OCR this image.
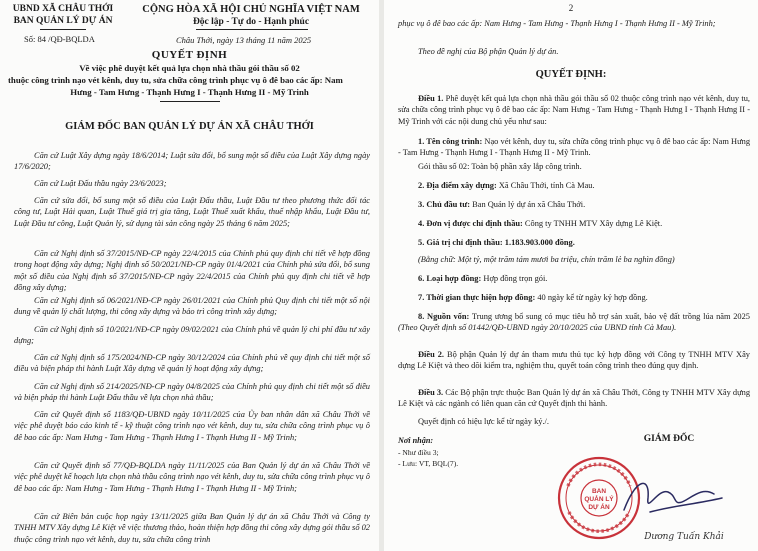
UBND XÃ CHÂU THỚI

BAN QUẢN LÝ DỰ ÁN

Số: 84 /QĐ-BQLDA

CỘNG HÒA XÃ HỘI CHỦ NGHĨA VIỆT NAM

Độc lập - Tự do - Hạnh phúc

Châu Thới, ngày 13 tháng 11 năm 2025

QUYẾT ĐỊNH

Về việc phê duyệt kết quả lựa chọn nhà thầu gói thầu số 02

thuộc công trình nạo vét kênh, duy tu, sửa chữa công trình phục vụ ô đê bao các ấp: Nam

Hưng - Tam Hưng - Thạnh Hưng I - Thạnh Hưng II - Mỹ Trinh

GIÁM ĐỐC BAN QUẢN LÝ DỰ ÁN XÃ CHÂU THỚI

Căn cứ Luật Xây dựng ngày 18/6/2014; Luật sửa đổi, bổ sung một số điều của Luật Xây dựng ngày 17/6/2020;

Căn cứ Luật Đấu thầu ngày 23/6/2023;

Căn cứ sửa đổi, bổ sung một số điều của Luật Đấu thầu, Luật Đầu tư theo phương thức đối tác công tư, Luật Hải quan, Luật Thuế giá trị gia tăng, Luật Thuế xuất khẩu, thuế nhập khẩu, Luật Đầu tư, Luật Đầu tư công, Luật Quản lý, sử dụng tài sản công ngày 25 tháng 6 năm 2025;

Căn cứ Nghị định số 37/2015/NĐ-CP ngày 22/4/2015 của Chính phủ quy định chi tiết về hợp đồng trong hoạt động xây dựng; Nghị định số 50/2021/NĐ-CP ngày 01/4/2021 của Chính phủ sửa đổi, bổ sung một số điều của Nghị định số 37/2015/NĐ-CP ngày 22/4/2015 của Chính phủ quy định chi tiết về hợp đồng xây dựng;

Căn cứ Nghị định số 06/2021/NĐ-CP ngày 26/01/2021 của Chính phủ Quy định chi tiết một số nội dung về quản lý chất lượng, thi công xây dựng và bảo trì công trình xây dựng;

Căn cứ Nghị định số 10/2021/NĐ-CP ngày 09/02/2021 của Chính phủ về quản lý chi phí đầu tư xây dựng;

Căn cứ Nghị định số 175/2024/NĐ-CP ngày 30/12/2024 của Chính phủ về quy định chi tiết một số điều và biện pháp thi hành Luật Xây dựng về quản lý hoạt động xây dựng;

Căn cứ Nghị định số 214/2025/NĐ-CP ngày 04/8/2025 của Chính phủ quy định chi tiết một số điều và biện pháp thi hành Luật Đấu thầu về lựa chọn nhà thầu;

Căn cứ Quyết định số 1183/QĐ-UBND ngày 10/11/2025 của Ủy ban nhân dân xã Châu Thới về việc phê duyệt báo cáo kinh tế - kỹ thuật công trình nạo vét kênh, duy tu, sửa chữa công trình phục vụ ô đê bao các ấp: Nam Hưng - Tam Hưng - Thạnh Hưng I - Thạnh Hưng II - Mỹ Trinh;

Căn cứ Quyết định số 77/QĐ-BQLDA ngày 11/11/2025 của Ban Quản lý dự án xã Châu Thới về việc phê duyệt kế hoạch lựa chọn nhà thầu công trình nạo vét kênh, duy tu, sửa chữa công trình phục vụ ô đê bao các ấp: Nam Hưng - Tam Hưng - Thạnh Hưng I - Thạnh Hưng II - Mỹ Trinh;

Căn cứ Biên bản cuộc họp ngày 13/11/2025 giữa Ban Quản lý dự án xã Châu Thới và Công ty TNHH MTV Xây dựng Lê Kiệt về việc thương thảo, hoàn thiện hợp đồng thi công xây dựng gói thầu số 02 thuộc công trình nạo vét kênh, duy tu, sửa chữa công trình

2

phục vụ ô đê bao các ấp: Nam Hưng - Tam Hưng - Thạnh Hưng I - Thạnh Hưng II - Mỹ Trinh;

Theo đề nghị của Bộ phận Quản lý dự án.

QUYẾT ĐỊNH:

Điều 1. Phê duyệt kết quả lựa chọn nhà thầu gói thầu số 02 thuộc công trình nạo vét kênh, duy tu, sửa chữa công trình phục vụ ô đê bao các ấp: Nam Hưng - Tam Hưng - Thạnh Hưng I - Thạnh Hưng II - Mỹ Trinh với các nội dung chủ yếu như sau:

1. Tên công trình: Nạo vét kênh, duy tu, sửa chữa công trình phục vụ ô đê bao các ấp: Nam Hưng - Tam Hưng - Thạnh Hưng I - Thạnh Hưng II - Mỹ Trinh.

Gói thầu số 02: Toàn bộ phần xây lắp công trình.

2. Địa điểm xây dựng: Xã Châu Thới, tỉnh Cà Mau.

3. Chủ đầu tư: Ban Quản lý dự án xã Châu Thới.

4. Đơn vị được chỉ định thầu: Công ty TNHH MTV Xây dựng Lê Kiệt.

5. Giá trị chỉ định thầu: 1.183.903.000 đồng.

(Bằng chữ: Một tỷ, một trăm tám mươi ba triệu, chín trăm lẻ ba nghìn đồng)

6. Loại hợp đồng: Hợp đồng trọn gói.

7. Thời gian thực hiện hợp đồng: 40 ngày kể từ ngày ký hợp đồng.

8. Nguồn vốn: Trung ương bổ sung có mục tiêu hỗ trợ sản xuất, bảo vệ đất trồng lúa năm 2025 (Theo Quyết định số 01442/QĐ-UBND ngày 20/10/2025 của UBND tỉnh Cà Mau).

Điều 2. Bộ phận Quản lý dự án tham mưu thủ tục ký hợp đồng với Công ty TNHH MTV Xây dựng Lê Kiệt và theo dõi kiểm tra, nghiệm thu, quyết toán công trình theo đúng quy định.

Điều 3. Các Bộ phận trực thuộc Ban Quản lý dự án xã Châu Thới, Công ty TNHH MTV Xây dựng Lê Kiệt và các ngành có liên quan căn cứ Quyết định thi hành.

Quyết định có hiệu lực kể từ ngày ký./.

Nơi nhận:

- Như điều 3;

- Lưu: VT, BQL(7).

GIÁM ĐỐC

BAN
QUẢN LÝ
DỰ ÁN

Dương Tuấn Khải
